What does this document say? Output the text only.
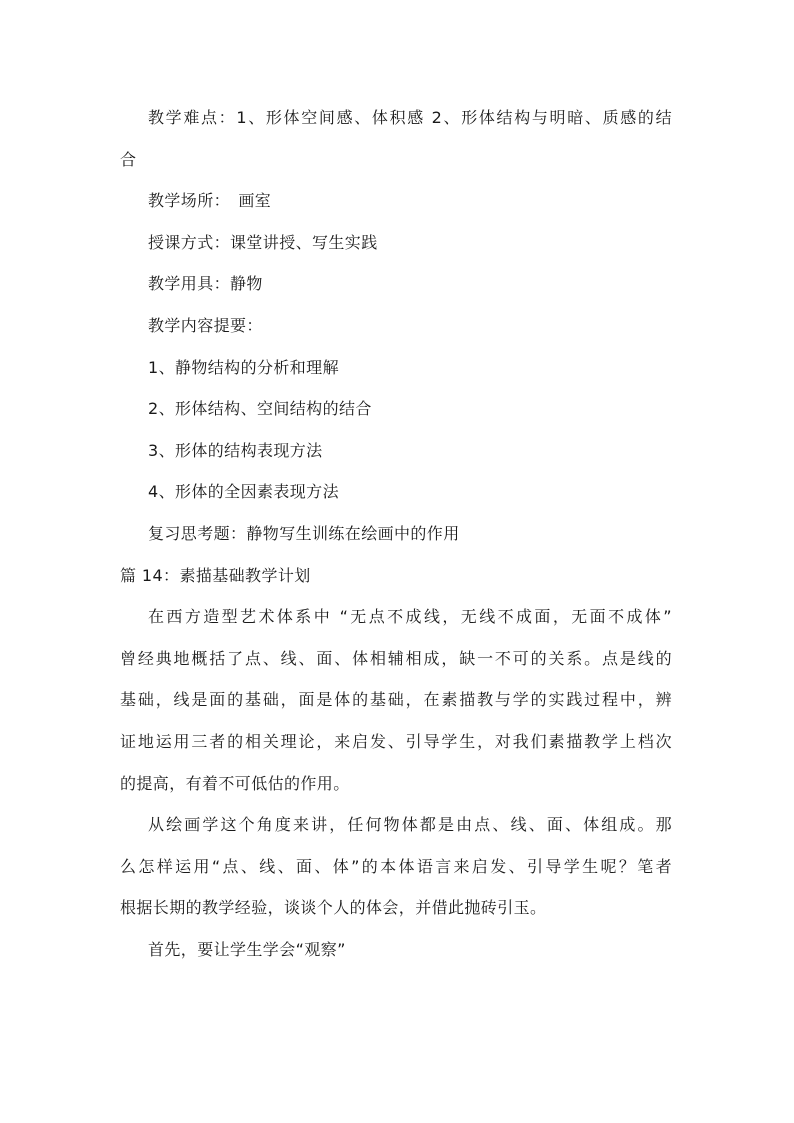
教学难点：1、形体空间感、体积感 2、形体结构与明暗、质感的结
合
教学场所：　画室
授课方式：课堂讲授、写生实践
教学用具：静物
教学内容提要：
1、静物结构的分析和理解
2、形体结构、空间结构的结合
3、形体的结构表现方法
4、形体的全因素表现方法
复习思考题：静物写生训练在绘画中的作用
篇 14：素描基础教学计划
在西方造型艺术体系中 “无点不成线，无线不成面，无面不成体”
曾经典地概括了点、线、面、体相辅相成，缺一不可的关系。点是线的
基础，线是面的基础，面是体的基础，在素描教与学的实践过程中，辨
证地运用三者的相关理论，来启发、引导学生，对我们素描教学上档次
的提高，有着不可低估的作用。
从绘画学这个角度来讲，任何物体都是由点、线、面、体组成。那
么怎样运用“点、线、面、体”的本体语言来启发、引导学生呢？笔者
根据长期的教学经验，谈谈个人的体会，并借此抛砖引玉。
首先，要让学生学会“观察”
